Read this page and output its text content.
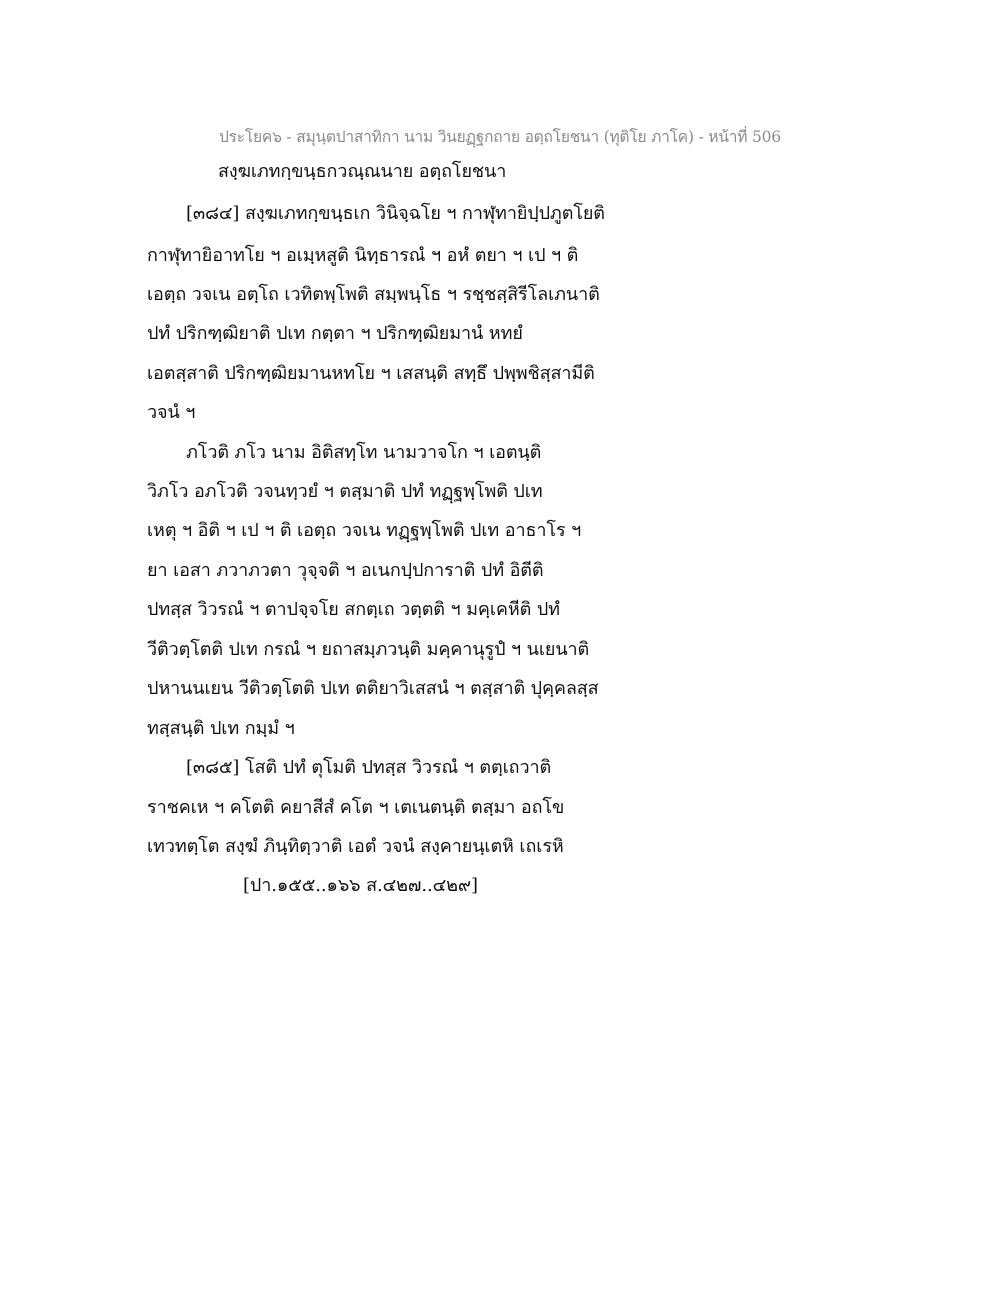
ประโยค๖ - สมุนฺตปาสาทิกา นาม วินยฏฺฐกถาย อตฺถโยชนา (ทุติโย ภาโค) - หน้าที่ 506
สงฺฆเภทกฺขนฺธกวณฺณนาย อตฺถโยชนา
[๓๘๔] สงฺฆเภทกฺขนฺธเก วินิจฺฉโย ฯ กาฬุทายิปฺปภูตโยติ
กาฬุทายิอาทโย ฯ อเมฺหสูติ นิทฺธารณํ ฯ อหํ ตยา ฯ เป ฯ ติ
เอตฺถ วจเน อตฺโถ เวทิตพฺโพติ สมฺพนฺโธ ฯ รชฺชสฺสิรีโลเภนาติ
ปทํ ปริกฑฺฒิยาติ ปเท กตฺตา ฯ ปริกฑฺฒิยมานํ หทยํ
เอตสฺสาติ ปริกฑฺฒิยมานหทโย ฯ เสสนฺติ สทฺธึ ปพฺพชิสฺสามีติ
วจนํ ฯ
ภโวติ ภโว นาม อิติสทฺโท นามวาจโก ฯ เอตนฺติ
วิภโว อภโวติ วจนทฺวยํ ฯ ตสฺมาติ ปทํ ทฏฺฐพฺโพติ ปเท
เหตุ ฯ อิติ ฯ เป ฯ ติ เอตฺถ วจเน ทฏฺฐพฺโพติ ปเท อาธาโร ฯ
ยา เอสา ภวาภวตา วุจฺจติ ฯ อเนกปฺปการาติ ปทํ อิตีติ
ปทสฺส วิวรณํ ฯ ตาปจฺจโย สกตฺเถ วตฺตติ ฯ มคฺเคหีติ ปทํ
วีติวตฺโตติ ปเท กรณํ ฯ ยถาสมฺภวนฺติ มคฺคานุรูปํ ฯ นเยนาติ
ปหานนเยน วีติวตฺโตติ ปเท ตติยาวิเสสนํ ฯ ตสฺสาติ ปุคฺคลสฺส
ทสฺสนฺติ ปเท กมฺมํ ฯ
[๓๘๕] โสติ ปทํ ตุโมติ ปทสฺส วิวรณํ ฯ ตตฺเถวาติ
ราชคเห ฯ คโตติ คยาสีสํ คโต ฯ เตเนตนฺติ ตสฺมา อถโข
เทวทตฺโต สงฺฆํ ภินฺทิตฺวาติ เอตํ วจนํ สงฺคายนฺเตหิ เถเรหิ
[ปา.๑๕๕..๑๖๖ ส.๔๒๗..๔๒๙]
